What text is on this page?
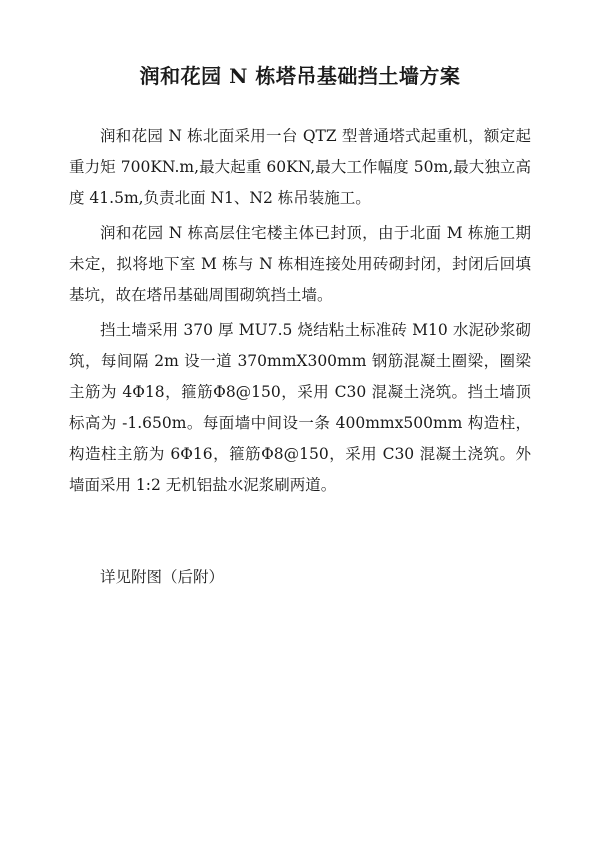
润和花园 N 栋塔吊基础挡土墙方案

润和花园 N 栋北面采用一台 QTZ 型普通塔式起重机，额定起重力矩 700KN.m,最大起重 60KN,最大工作幅度 50m,最大独立高度 41.5m,负责北面 N1、N2 栋吊装施工。

润和花园 N 栋高层住宅楼主体已封顶，由于北面 M 栋施工期未定，拟将地下室 M 栋与 N 栋相连接处用砖砌封闭，封闭后回填基坑，故在塔吊基础周围砌筑挡土墙。

挡土墙采用 370 厚 MU7.5 烧结粘土标准砖 M10 水泥砂浆砌筑，每间隔 2m 设一道 370mmX300mm 钢筋混凝土圈梁，圈梁主筋为 4Φ18，箍筋Φ8@150，采用 C30 混凝土浇筑。挡土墙顶标高为 -1.650m。每面墙中间设一条 400mmx500mm 构造柱，构造柱主筋为 6Φ16，箍筋Φ8@150，采用 C30 混凝土浇筑。外墙面采用 1:2 无机铝盐水泥浆刷两道。

详见附图（后附）
